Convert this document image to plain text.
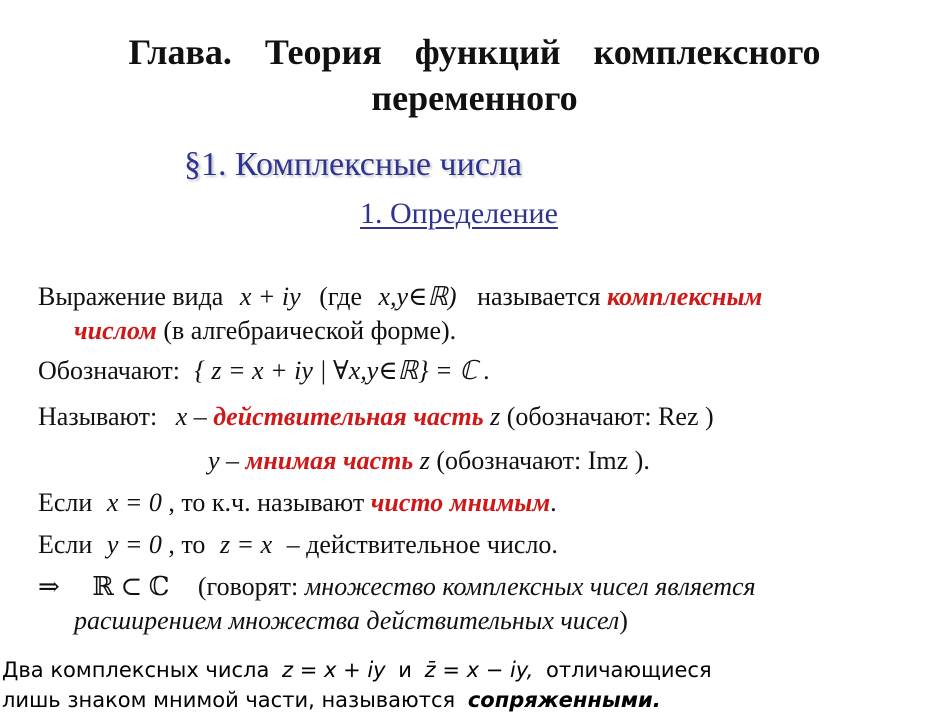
Глава. Теория функций комплексного
переменного
§1. Комплексные числа
1. Определение
Выражение вида x + iy (где x,y∈ℝ) называется комплексным
числом (в алгебраической форме).
Обозначают: { z = x + iy | ∀x,y∈ℝ} = ℂ .
Называют: x – действительная часть z (обозначают: Rez )
y – мнимая часть z (обозначают: Imz ).
Если x = 0 , то к.ч. называют чисто мнимым.
Если y = 0 , то z = x – действительное число.
⇒ ℝ ⊂ ℂ (говорят: множество комплексных чисел является
расширением множества действительных чисел)
Два комплексных числа z = x + iy и z̄ = x − iy, отличающиеся
лишь знаком мнимой части, называются сопряженными.
